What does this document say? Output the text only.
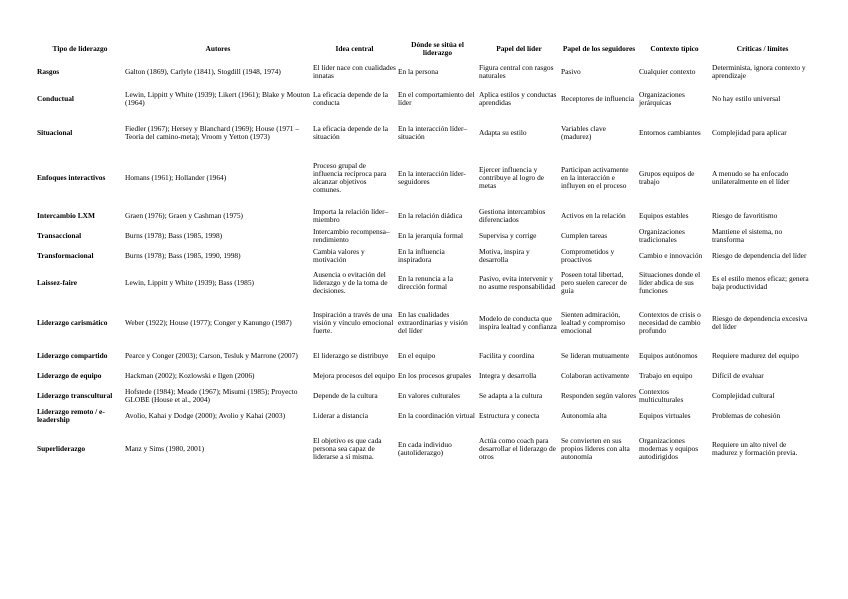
Tipo de liderazgo	Autores	Idea central	Dónde se sitúa el liderazgo	Papel del líder	Papel de los seguidores	Contexto típico	Críticas / límites
Rasgos	Galton (1869), Carlyle (1841), Stogdill (1948, 1974)	El líder nace con cualidades innatas	En la persona	Figura central con rasgos naturales	Pasivo	Cualquier contexto	Determinista, ignora contexto y aprendizaje
Conductual	Lewin, Lippitt y White (1939); Likert (1961); Blake y Mouton (1964)	La eficacia depende de la conducta	En el comportamiento del líder	Aplica estilos y conductas aprendidas	Receptores de influencia	Organizaciones jerárquicas	No hay estilo universal
Situacional	Fiedler (1967); Hersey y Blanchard (1969); House (1971 – Teoría del camino-meta); Vroom y Yetton (1973)	La eficacia depende de la situación	En la interacción líder–situación	Adapta su estilo	Variables clave (madurez)	Entornos cambiantes	Complejidad para aplicar
Enfoques interactivos	Homans (1961); Hollander (1964)	Proceso grupal de influencia recíproca para alcanzar objetivos comunes.	En la interacción líder-seguidores	Ejercer influencia y contribuye al logro de metas	Participan activamente en la interacción e influyen en el proceso	Grupos equipos de trabajo	A menudo se ha enfocado unilateralmente en el líder
Intercambio LXM	Graen (1976); Graen y Cashman (1975)	Importa la relación líder–miembro	En la relación diádica	Gestiona intercambios diferenciados	Activos en la relación	Equipos estables	Riesgo de favoritismo
Transaccional	Burns (1978); Bass (1985, 1998)	Intercambio recompensa–rendimiento	En la jerarquía formal	Supervisa y corrige	Cumplen tareas	Organizaciones tradicionales	Mantiene el sistema, no transforma
Transformacional	Burns (1978); Bass (1985, 1990, 1998)	Cambia valores y motivación	En la influencia inspiradora	Motiva, inspira y desarrolla	Comprometidos y proactivos	Cambio e innovación	Riesgo de dependencia del líder
Laissez-faire	Lewin, Lippitt y White (1939); Bass (1985)	Ausencia o evitación del liderazgo y de la toma de decisiones.	En la renuncia a la dirección formal	Pasivo, evita intervenir y no asume responsabilidad	Poseen total libertad, pero suelen carecer de guía	Situaciones donde el líder abdica de sus funciones	Es el estilo menos eficaz; genera baja productividad
Liderazgo carismático	Weber (1922); House (1977); Conger y Kanungo (1987)	Inspiración a través de una visión y vínculo emocional fuerte.	En las cualidades extraordinarias y visión del líder	Modelo de conducta que inspira lealtad y confianza	Sienten admiración, lealtad y compromiso emocional	Contextos de crisis o necesidad de cambio profundo	Riesgo de dependencia excesiva del líder
Liderazgo compartido	Pearce y Conger (2003); Carson, Tesluk y Marrone (2007)	El liderazgo se distribuye	En el equipo	Facilita y coordina	Se lideran mutuamente	Equipos autónomos	Requiere madurez del equipo
Liderazgo de equipo	Hackman (2002); Kozlowski e Ilgen (2006)	Mejora procesos del equipo	En los procesos grupales	Integra y desarrolla	Colaboran activamente	Trabajo en equipo	Difícil de evaluar
Liderazgo transcultural	Hofstede (1984); Meade (1967); Misumi (1985); Proyecto GLOBE (House et al., 2004)	Depende de la cultura	En valores culturales	Se adapta a la cultura	Responden según valores	Contextos multiculturales	Complejidad cultural
Liderazgo remoto / e-leadership	Avolio, Kahai y Dodge (2000); Avolio y Kahai (2003)	Liderar a distancia	En la coordinación virtual	Estructura y conecta	Autonomía alta	Equipos virtuales	Problemas de cohesión
Superliderazgo	Manz y Sims (1980, 2001)	El objetivo es que cada persona sea capaz de liderarse a sí misma.	En cada individuo (autoliderazgo)	Actúa como coach para desarrollar el liderazgo de otros	Se convierten en sus propios líderes con alta autonomía	Organizaciones modernas y equipos autodirigidos	Requiere un alto nivel de madurez y formación previa.
